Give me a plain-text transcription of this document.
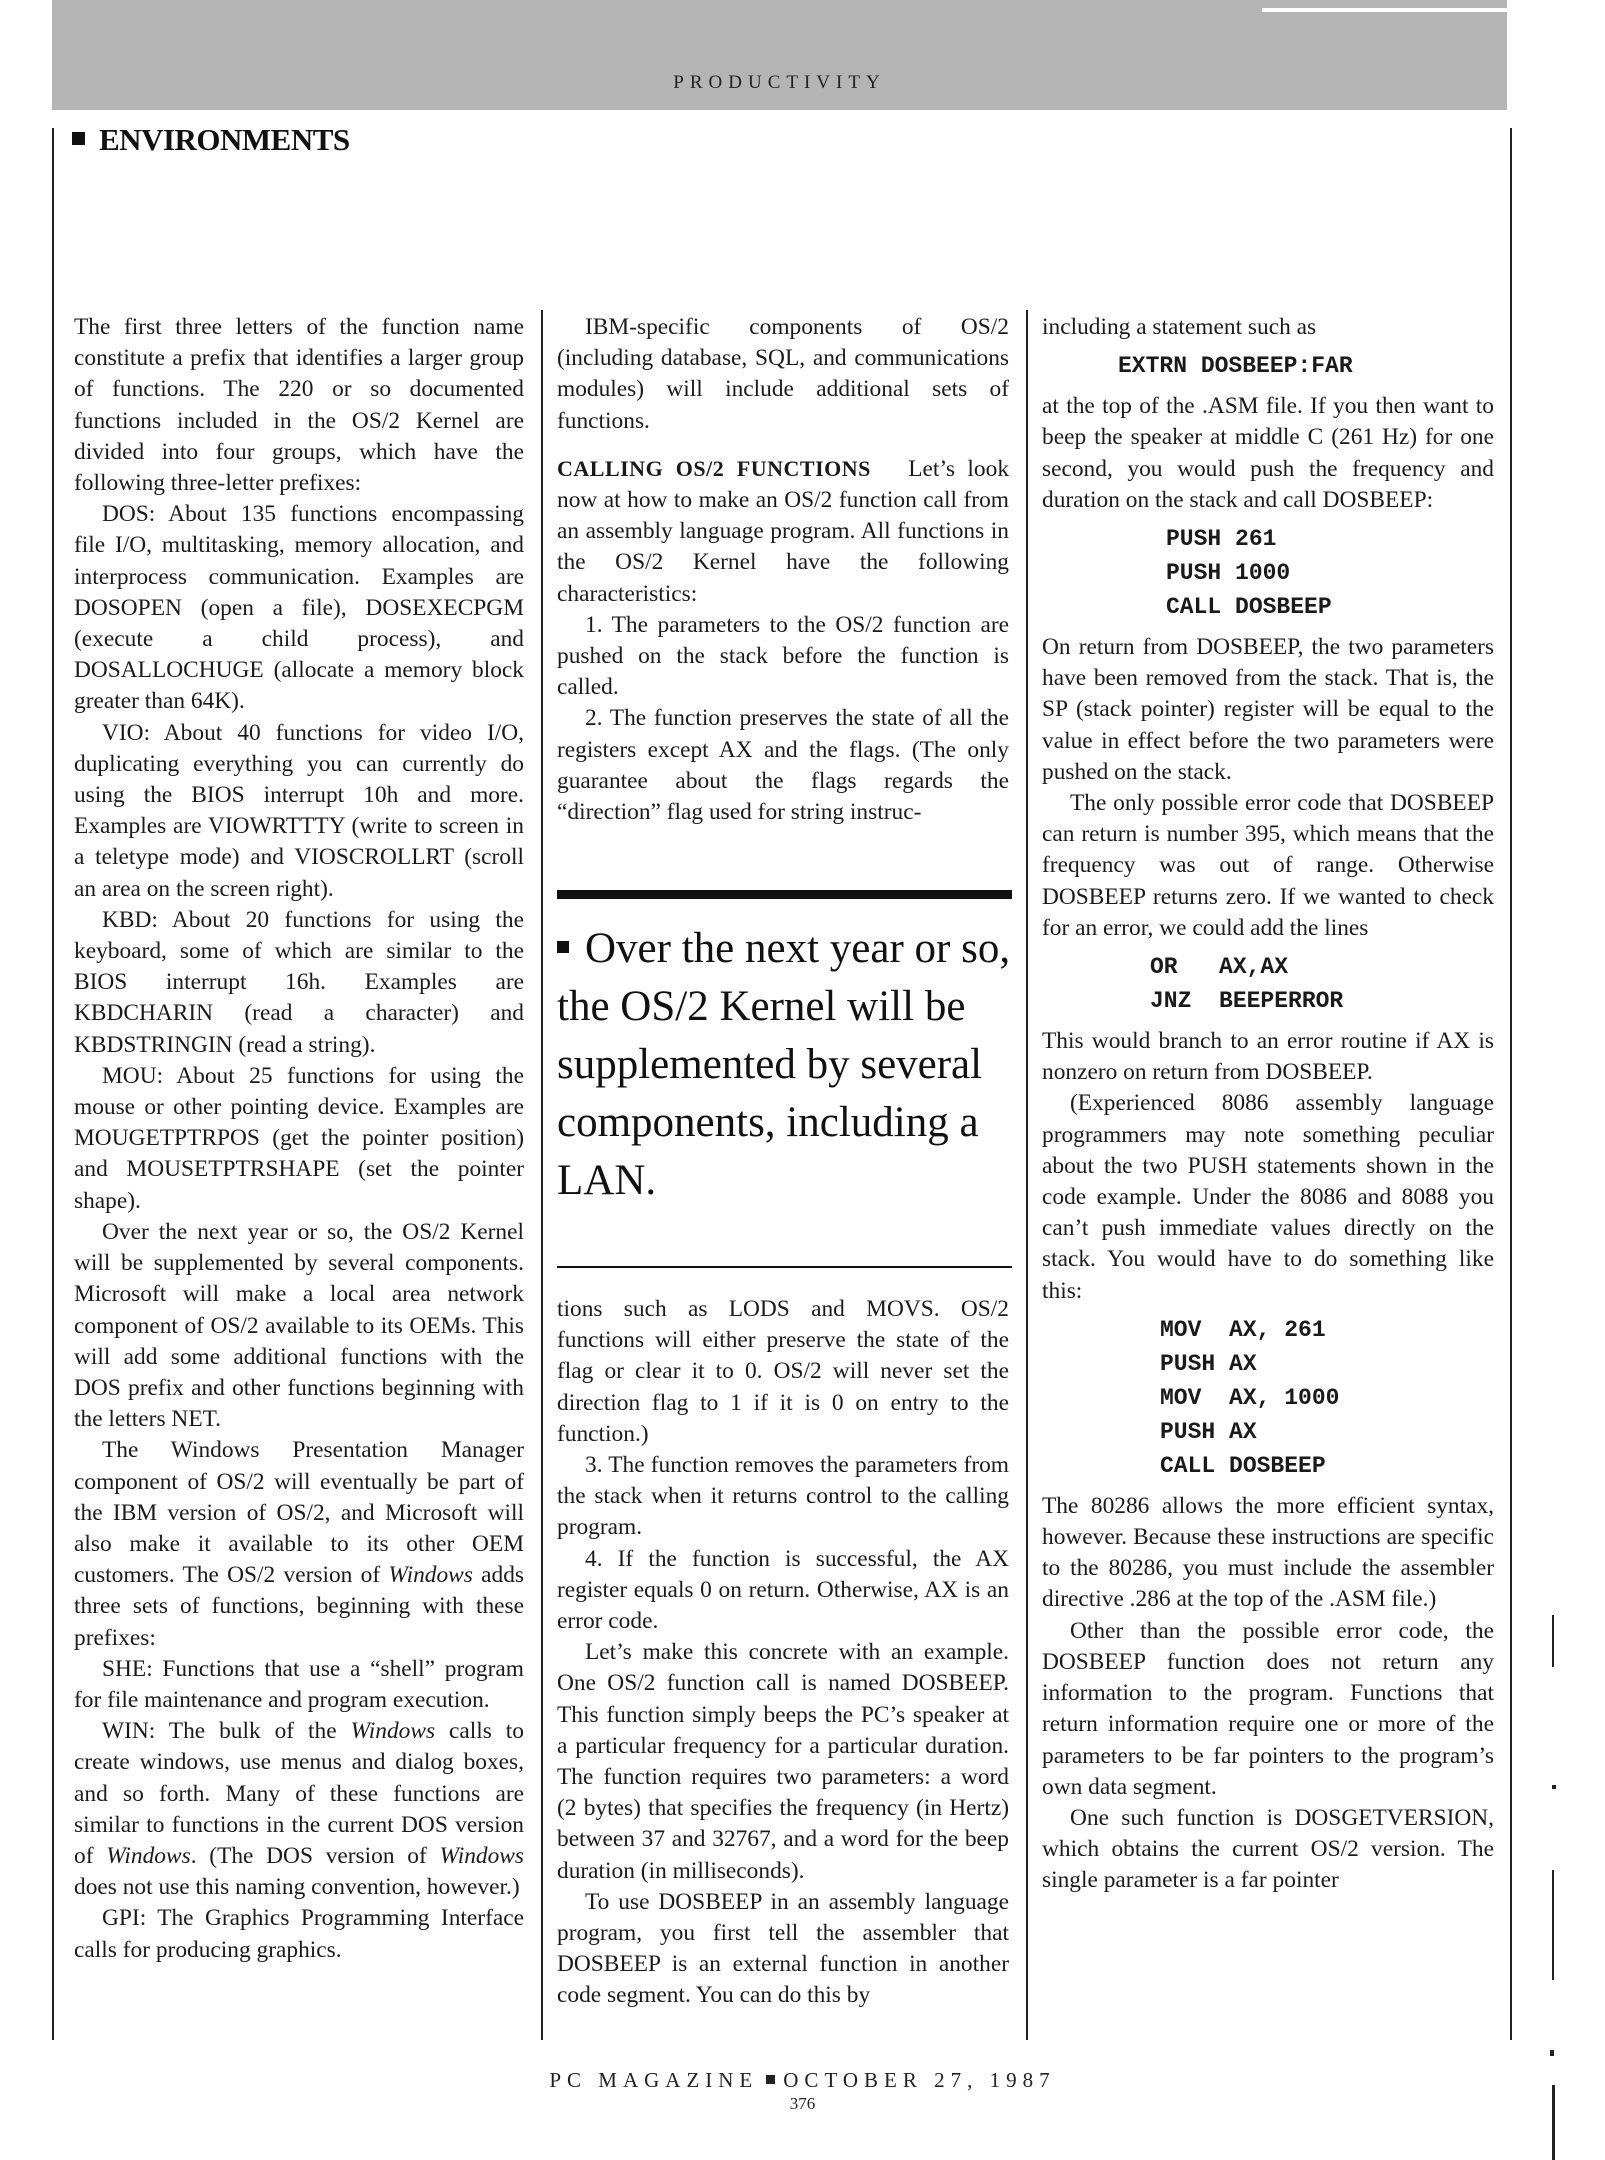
PRODUCTIVITY
ENVIRONMENTS

The first three letters of the function name constitute a prefix that identifies a larger group of functions. The 220 or so documented functions included in the OS/2 Kernel are divided into four groups, which have the following three-letter prefixes:

DOS: About 135 functions encompassing file I/O, multitasking, memory allocation, and interprocess communication. Examples are DOSOPEN (open a file), DOSEXECPGM (execute a child process), and DOSALLOCHUGE (allocate a memory block greater than 64K).

VIO: About 40 functions for video I/O, duplicating everything you can currently do using the BIOS interrupt 10h and more. Examples are VIOWRTTTY (write to screen in a teletype mode) and VIOSCROLLRT (scroll an area on the screen right).

KBD: About 20 functions for using the keyboard, some of which are similar to the BIOS interrupt 16h. Examples are KBDCHARIN (read a character) and KBDSTRINGIN (read a string).

MOU: About 25 functions for using the mouse or other pointing device. Examples are MOUGETPTRPOS (get the pointer position) and MOUSETPTRSHAPE (set the pointer shape).

Over the next year or so, the OS/2 Kernel will be supplemented by several components. Microsoft will make a local area network component of OS/2 available to its OEMs. This will add some additional functions with the DOS prefix and other functions beginning with the letters NET.

The Windows Presentation Manager component of OS/2 will eventually be part of the IBM version of OS/2, and Microsoft will also make it available to its other OEM customers. The OS/2 version of Windows adds three sets of functions, beginning with these prefixes:

SHE: Functions that use a “shell” program for file maintenance and program execution.

WIN: The bulk of the Windows calls to create windows, use menus and dialog boxes, and so forth. Many of these functions are similar to functions in the current DOS version of Windows. (The DOS version of Windows does not use this naming convention, however.)

GPI: The Graphics Programming Interface calls for producing graphics.

IBM-specific components of OS/2 (including database, SQL, and communications modules) will include additional sets of functions.

CALLING OS/2 FUNCTIONS Let’s look now at how to make an OS/2 function call from an assembly language program. All functions in the OS/2 Kernel have the following characteristics:

1. The parameters to the OS/2 function are pushed on the stack before the function is called.

2. The function preserves the state of all the registers except AX and the flags. (The only guarantee about the flags regards the “direction” flag used for string instruc-

Over the next year or so, the OS/2 Kernel will be supplemented by several components, including a LAN.

tions such as LODS and MOVS. OS/2 functions will either preserve the state of the flag or clear it to 0. OS/2 will never set the direction flag to 1 if it is 0 on entry to the function.)

3. The function removes the parameters from the stack when it returns control to the calling program.

4. If the function is successful, the AX register equals 0 on return. Otherwise, AX is an error code.

Let’s make this concrete with an example. One OS/2 function call is named DOSBEEP. This function simply beeps the PC’s speaker at a particular frequency for a particular duration. The function requires two parameters: a word (2 bytes) that specifies the frequency (in Hertz) between 37 and 32767, and a word for the beep duration (in milliseconds).

To use DOSBEEP in an assembly language program, you first tell the assembler that DOSBEEP is an external function in another code segment. You can do this by

including a statement such as

EXTRN DOSBEEP:FAR

at the top of the .ASM file. If you then want to beep the speaker at middle C (261 Hz) for one second, you would push the frequency and duration on the stack and call DOSBEEP:

PUSH 261
PUSH 1000
CALL DOSBEEP

On return from DOSBEEP, the two parameters have been removed from the stack. That is, the SP (stack pointer) register will be equal to the value in effect before the two parameters were pushed on the stack.

The only possible error code that DOSBEEP can return is number 395, which means that the frequency was out of range. Otherwise DOSBEEP returns zero. If we wanted to check for an error, we could add the lines

OR   AX,AX
JNZ  BEEPERROR

This would branch to an error routine if AX is nonzero on return from DOSBEEP.

(Experienced 8086 assembly language programmers may note something peculiar about the two PUSH statements shown in the code example. Under the 8086 and 8088 you can’t push immediate values directly on the stack. You would have to do something like this:

MOV  AX, 261
PUSH AX
MOV  AX, 1000
PUSH AX
CALL DOSBEEP

The 80286 allows the more efficient syntax, however. Because these instructions are specific to the 80286, you must include the assembler directive .286 at the top of the .ASM file.)

Other than the possible error code, the DOSBEEP function does not return any information to the program. Functions that return information require one or more of the parameters to be far pointers to the program’s own data segment.

One such function is DOSGETVERSION, which obtains the current OS/2 version. The single parameter is a far pointer

PC MAGAZINE OCTOBER 27, 1987
376
